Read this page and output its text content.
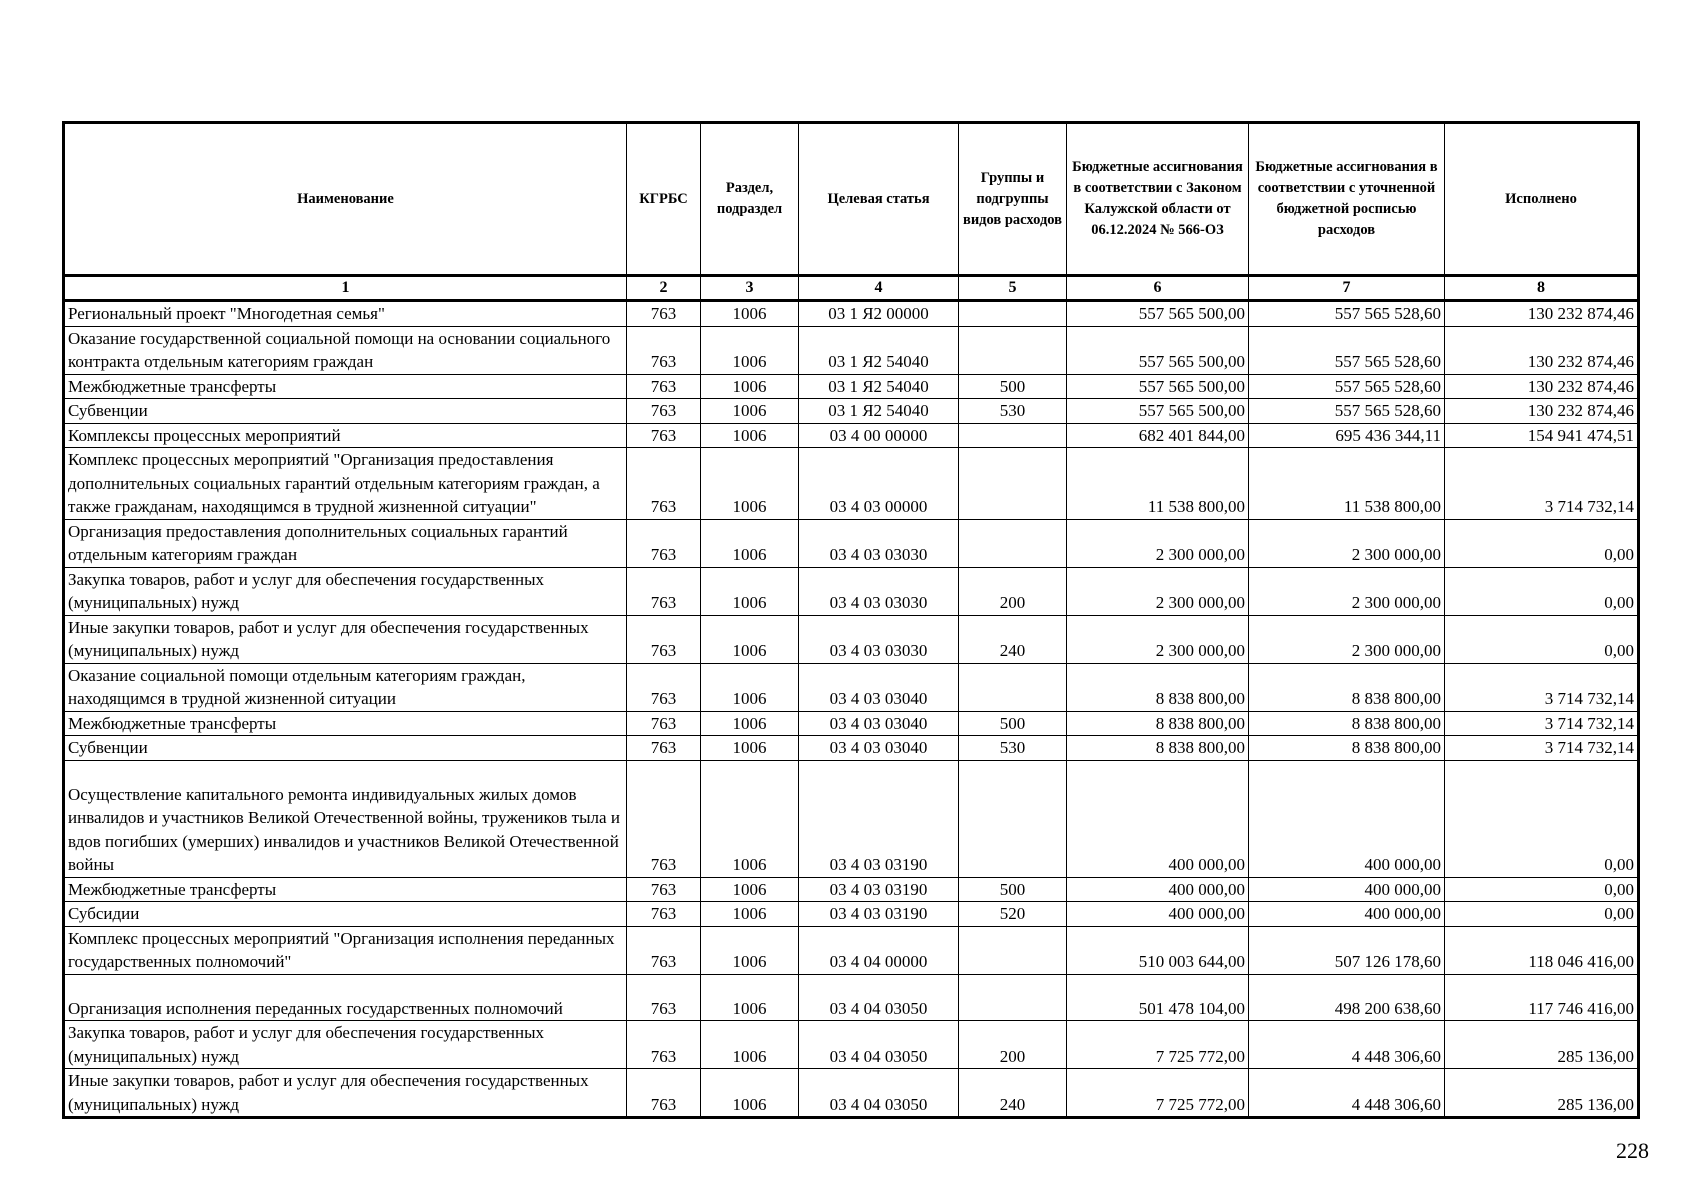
Наименование	КГРБС	Раздел, подраздел	Целевая статья	Группы и подгруппы видов расходов	Бюджетные ассигнования в соответствии с Законом Калужской области от 06.12.2024 № 566-ОЗ	Бюджетные ассигнования в соответствии с уточненной бюджетной росписью расходов	Исполнено
1	2	3	4	5	6	7	8
Региональный проект "Многодетная семья"	763	1006	03 1 Я2 00000		557 565 500,00	557 565 528,60	130 232 874,46
Оказание государственной социальной помощи на основании социального контракта отдельным категориям граждан	763	1006	03 1 Я2 54040		557 565 500,00	557 565 528,60	130 232 874,46
Межбюджетные трансферты	763	1006	03 1 Я2 54040	500	557 565 500,00	557 565 528,60	130 232 874,46
Субвенции	763	1006	03 1 Я2 54040	530	557 565 500,00	557 565 528,60	130 232 874,46
Комплексы процессных мероприятий	763	1006	03 4 00 00000		682 401 844,00	695 436 344,11	154 941 474,51
Комплекс процессных мероприятий "Организация предоставления дополнительных социальных гарантий отдельным категориям граждан, а также гражданам, находящимся в трудной жизненной ситуации"	763	1006	03 4 03 00000		11 538 800,00	11 538 800,00	3 714 732,14
Организация предоставления дополнительных социальных гарантий отдельным категориям граждан	763	1006	03 4 03 03030		2 300 000,00	2 300 000,00	0,00
Закупка товаров, работ и услуг для обеспечения государственных (муниципальных) нужд	763	1006	03 4 03 03030	200	2 300 000,00	2 300 000,00	0,00
Иные закупки товаров, работ и услуг для обеспечения государственных (муниципальных) нужд	763	1006	03 4 03 03030	240	2 300 000,00	2 300 000,00	0,00
Оказание социальной помощи отдельным категориям граждан, находящимся в трудной жизненной ситуации	763	1006	03 4 03 03040		8 838 800,00	8 838 800,00	3 714 732,14
Межбюджетные трансферты	763	1006	03 4 03 03040	500	8 838 800,00	8 838 800,00	3 714 732,14
Субвенции	763	1006	03 4 03 03040	530	8 838 800,00	8 838 800,00	3 714 732,14
Осуществление капитального ремонта индивидуальных жилых домов инвалидов и участников Великой Отечественной войны, тружеников тыла и вдов погибших (умерших) инвалидов и участников Великой Отечественной войны	763	1006	03 4 03 03190		400 000,00	400 000,00	0,00
Межбюджетные трансферты	763	1006	03 4 03 03190	500	400 000,00	400 000,00	0,00
Субсидии	763	1006	03 4 03 03190	520	400 000,00	400 000,00	0,00
Комплекс процессных мероприятий "Организация исполнения переданных государственных полномочий"	763	1006	03 4 04 00000		510 003 644,00	507 126 178,60	118 046 416,00
Организация исполнения переданных государственных полномочий	763	1006	03 4 04 03050		501 478 104,00	498 200 638,60	117 746 416,00
Закупка товаров, работ и услуг для обеспечения государственных (муниципальных) нужд	763	1006	03 4 04 03050	200	7 725 772,00	4 448 306,60	285 136,00
Иные закупки товаров, работ и услуг для обеспечения государственных (муниципальных) нужд	763	1006	03 4 04 03050	240	7 725 772,00	4 448 306,60	285 136,00
228
